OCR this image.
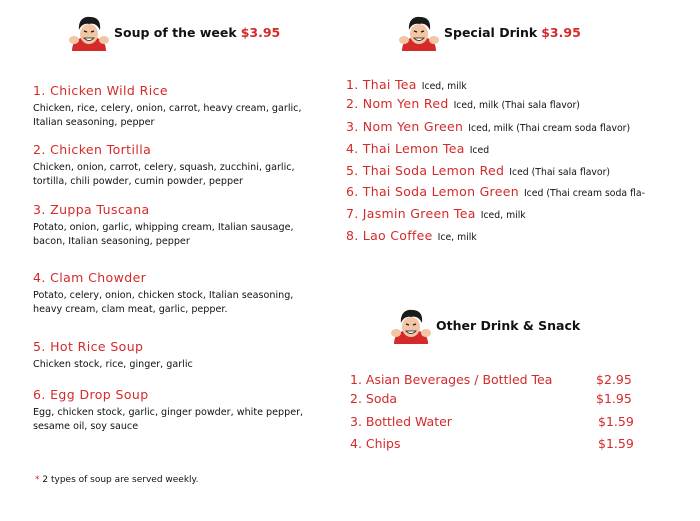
Soup of the week $3.95
1. Chicken Wild Rice
Chicken, rice, celery, onion, carrot, heavy cream, garlic, Italian seasoning, pepper
2. Chicken Tortilla
Chicken, onion, carrot, celery, squash, zucchini, garlic, tortilla, chili powder, cumin powder, pepper
3. Zuppa Tuscana
Potato, onion, garlic, whipping cream, Italian sausage, bacon, Italian seasoning, pepper
4. Clam Chowder
Potato, celery, onion, chicken stock, Italian seasoning, heavy cream, clam meat, garlic, pepper.
5. Hot Rice Soup
Chicken stock, rice, ginger, garlic
6. Egg Drop Soup
Egg, chicken stock, garlic, ginger powder, white pepper, sesame oil, soy sauce
* 2 types of soup are served weekly.
Special Drink $3.95
1. Thai Tea Iced, milk
2. Nom Yen Red Iced, milk (Thai sala flavor)
3. Nom Yen Green Iced, milk (Thai cream soda flavor)
4. Thai Lemon Tea Iced
5. Thai Soda Lemon Red Iced (Thai sala flavor)
6. Thai Soda Lemon Green Iced (Thai cream soda fla-
7. Jasmin Green Tea Iced, milk
8. Lao Coffee Ice, milk
Other Drink & Snack
1. Asian Beverages / Bottled Tea	$2.95
2. Soda	$1.95
3. Bottled Water	$1.59
4. Chips	$1.59
